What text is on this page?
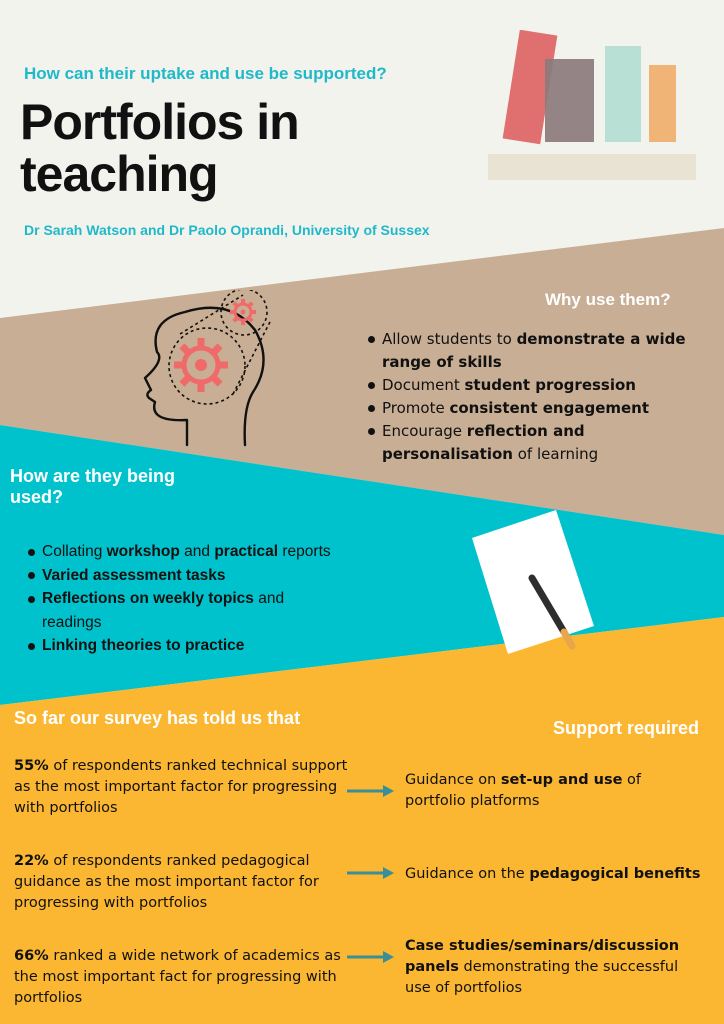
How can their uptake and use be supported?
Portfolios in teaching
Dr Sarah Watson and Dr Paolo Oprandi, University of Sussex
Why use them?
Allow students to demonstrate a wide range of skills
Document student progression
Promote consistent engagement
Encourage reflection and personalisation of learning
How are they being used?
Collating workshop and practical reports
Varied assessment tasks
Reflections on weekly topics and readings
Linking theories to practice
So far our survey has told us that	Support required
55% of respondents ranked technical support as the most important factor for progressing with portfolios
Guidance on set-up and use of portfolio platforms
22% of respondents ranked pedagogical guidance as the most important factor for progressing with portfolios
Guidance on the pedagogical benefits
66% ranked a wide network of academics as the most important fact for progressing with portfolios
Case studies/seminars/discussion panels demonstrating the successful use of portfolios
